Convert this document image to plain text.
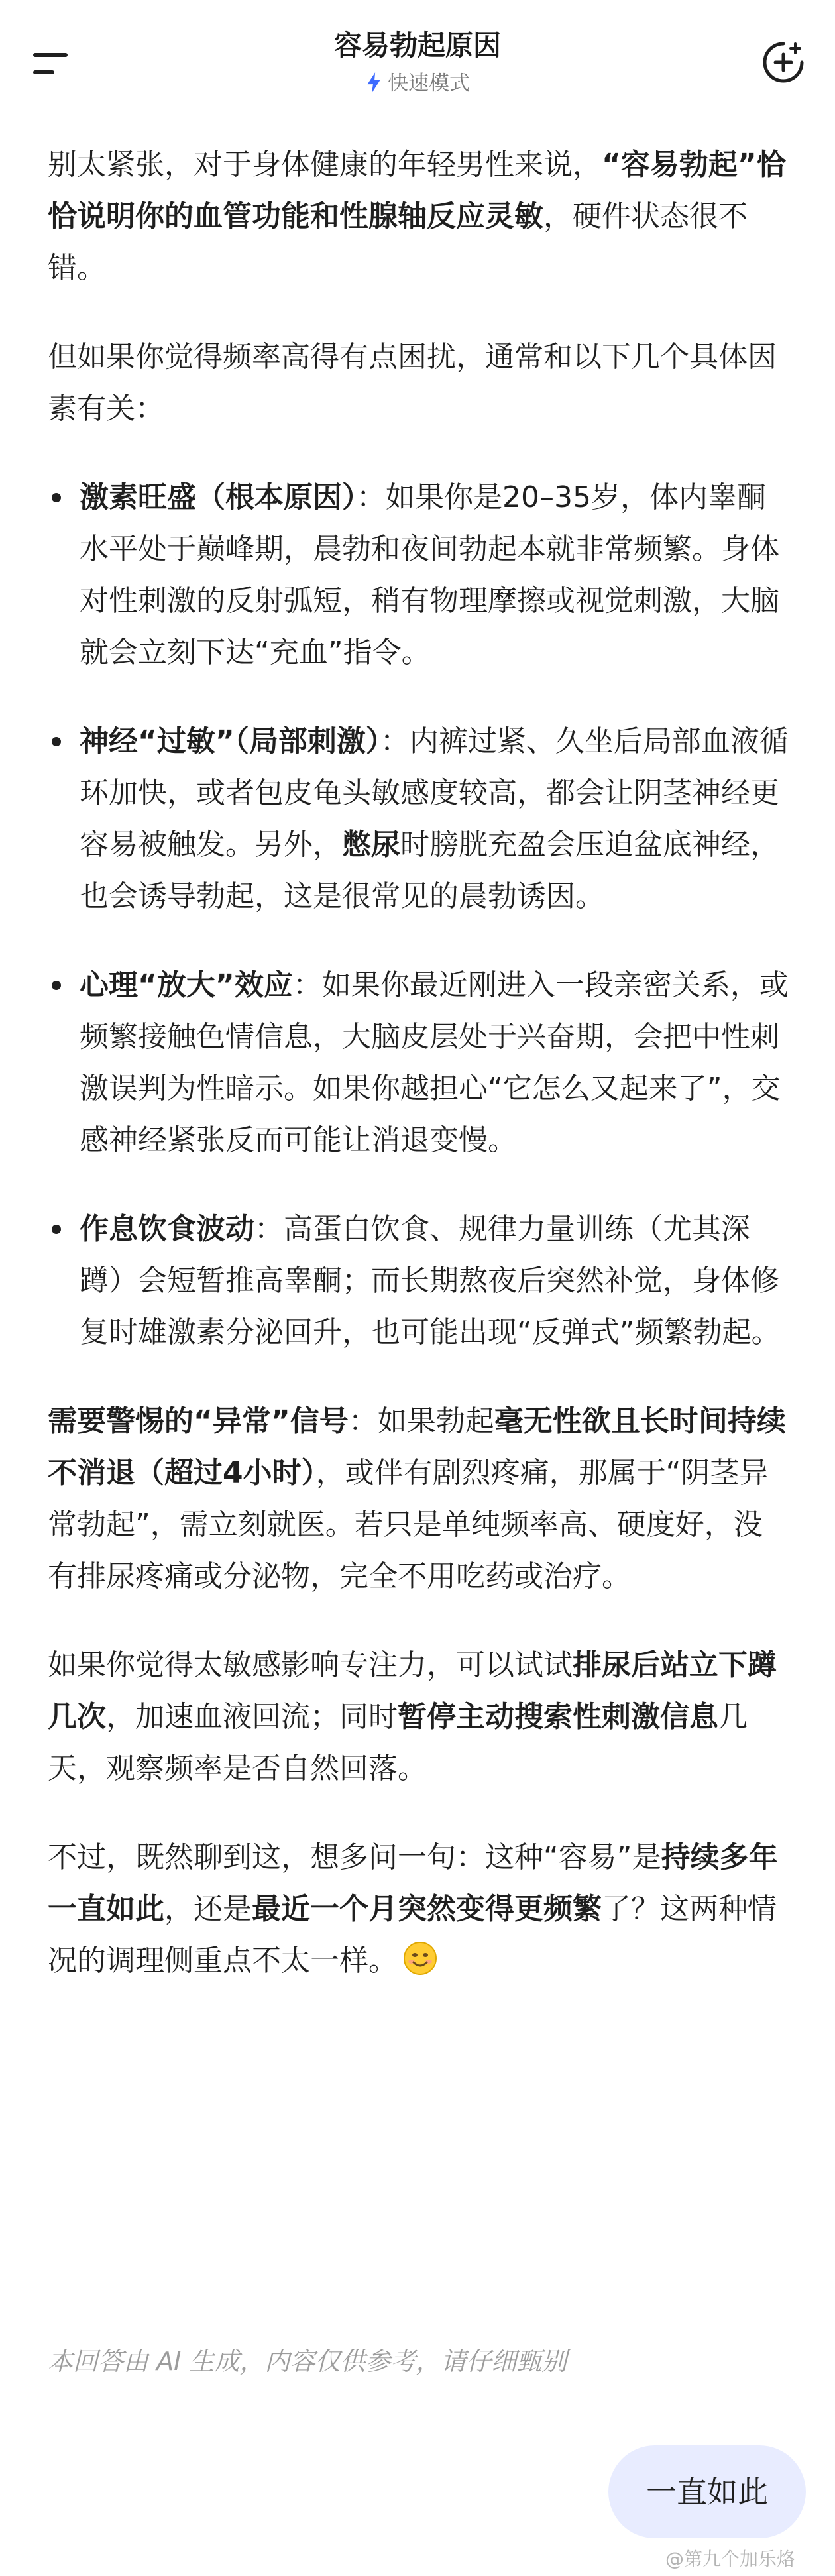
容易勃起原因
快速模式

别太紧张，对于身体健康的年轻男性来说，“容易勃起”恰恰说明你的血管功能和性腺轴反应灵敏，硬件状态很不错。

但如果你觉得频率高得有点困扰，通常和以下几个具体因素有关：

激素旺盛（根本原因）：如果你是20–35岁，体内睾酮水平处于巅峰期，晨勃和夜间勃起本就非常频繁。身体对性刺激的反射弧短，稍有物理摩擦或视觉刺激，大脑就会立刻下达“充血”指令。

神经“过敏”（局部刺激）：内裤过紧、久坐后局部血液循环加快，或者包皮龟头敏感度较高，都会让阴茎神经更容易被触发。另外，憋尿时膀胱充盈会压迫盆底神经，也会诱导勃起，这是很常见的晨勃诱因。

心理“放大”效应：如果你最近刚进入一段亲密关系，或频繁接触色情信息，大脑皮层处于兴奋期，会把中性刺激误判为性暗示。如果你越担心“它怎么又起来了”，交感神经紧张反而可能让消退变慢。

作息饮食波动：高蛋白饮食、规律力量训练（尤其深蹲）会短暂推高睾酮；而长期熬夜后突然补觉，身体修复时雄激素分泌回升，也可能出现“反弹式”频繁勃起。

需要警惕的“异常”信号：如果勃起毫无性欲且长时间持续不消退（超过4小时），或伴有剧烈疼痛，那属于“阴茎异常勃起”，需立刻就医。若只是单纯频率高、硬度好，没有排尿疼痛或分泌物，完全不用吃药或治疗。

如果你觉得太敏感影响专注力，可以试试排尿后站立下蹲几次，加速血液回流；同时暂停主动搜索性刺激信息几天，观察频率是否自然回落。

不过，既然聊到这，想多问一句：这种“容易”是持续多年一直如此，还是最近一个月突然变得更频繁了？这两种情况的调理侧重点不太一样。

本回答由 AI 生成，内容仅供参考，请仔细甄别
一直如此
@第九个加乐烙
